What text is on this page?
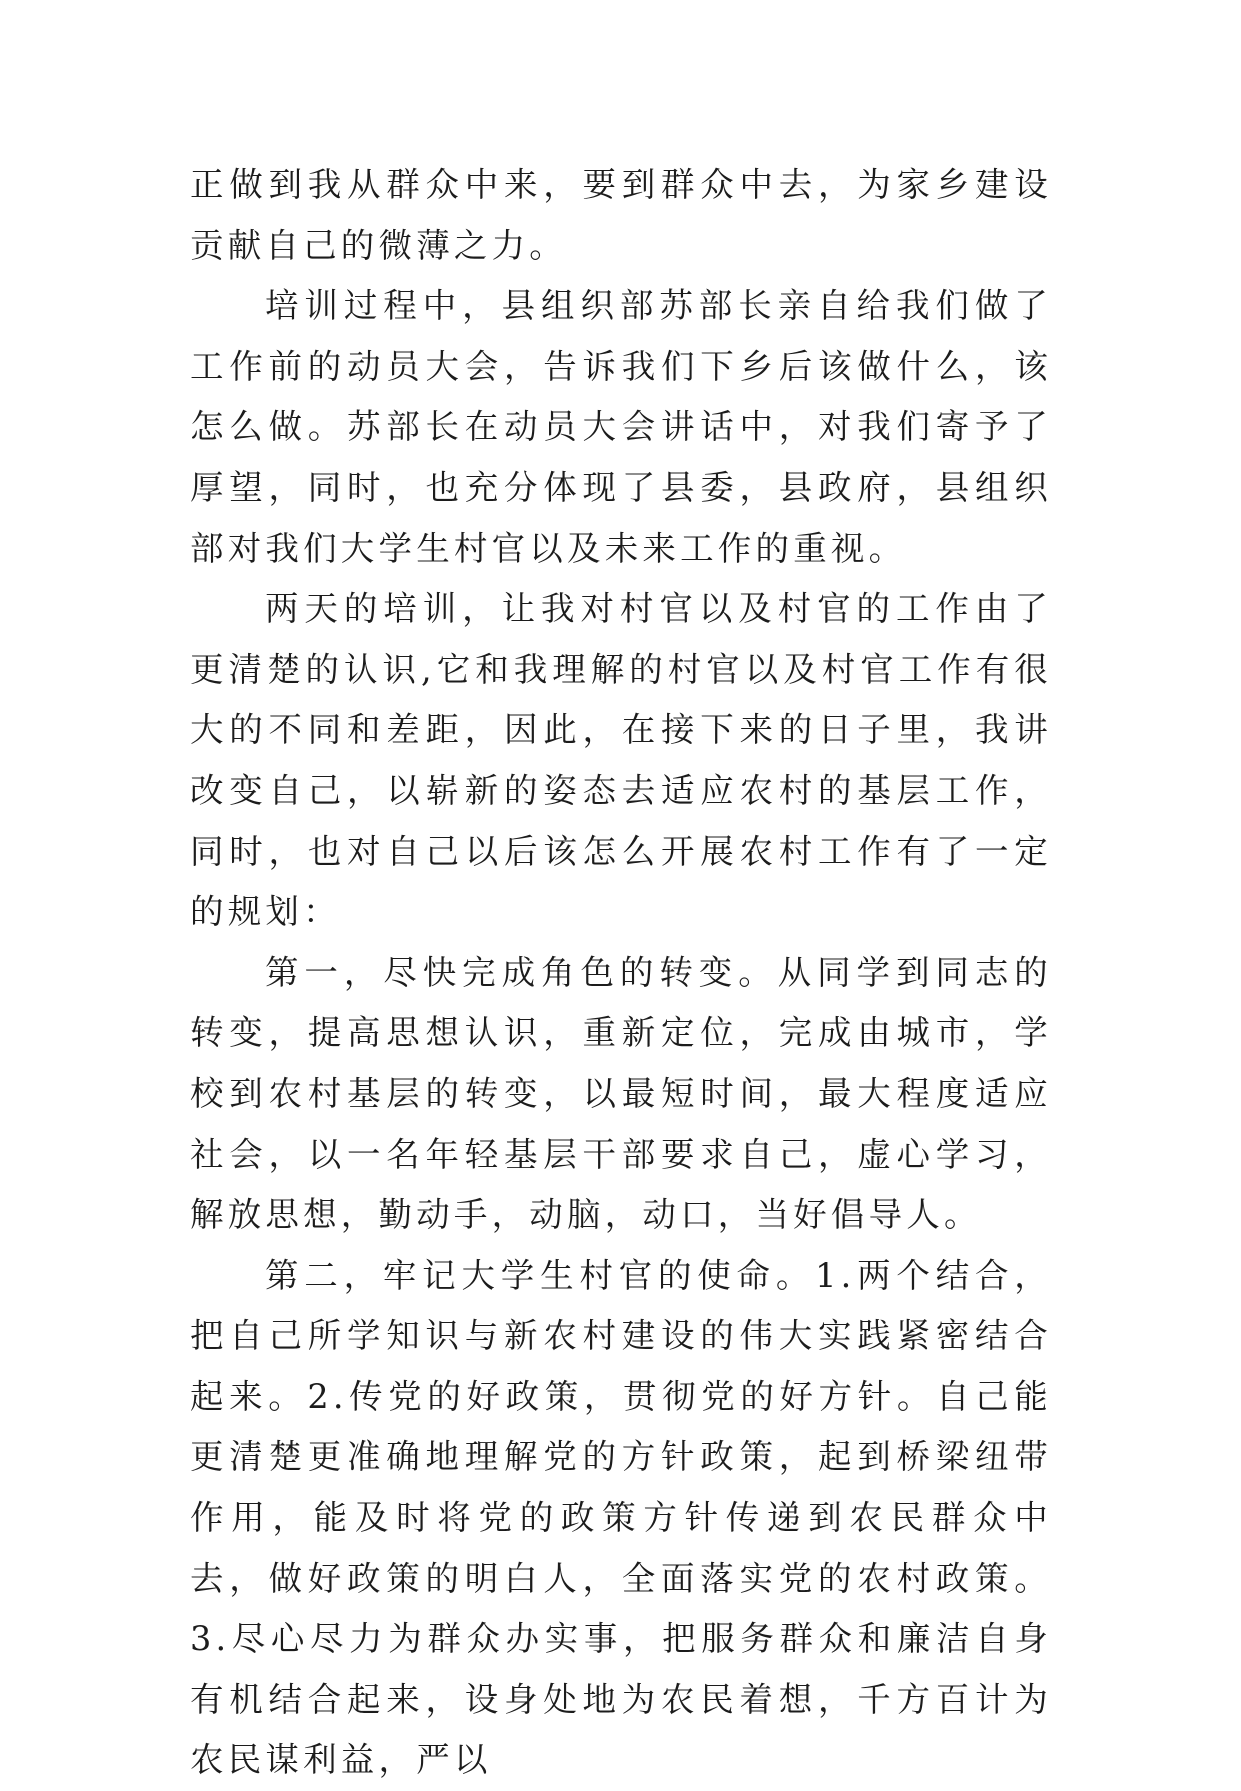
正做到我从群众中来，要到群众中去，为家乡建设贡献自己的微薄之力。

培训过程中，县组织部苏部长亲自给我们做了工作前的动员大会，告诉我们下乡后该做什么，该怎么做。苏部长在动员大会讲话中，对我们寄予了厚望，同时，也充分体现了县委，县政府，县组织部对我们大学生村官以及未来工作的重视。

两天的培训，让我对村官以及村官的工作由了更清楚的认识,它和我理解的村官以及村官工作有很大的不同和差距，因此，在接下来的日子里，我讲改变自己，以崭新的姿态去适应农村的基层工作，同时，也对自己以后该怎么开展农村工作有了一定的规划：

第一，尽快完成角色的转变。从同学到同志的转变，提高思想认识，重新定位，完成由城市，学校到农村基层的转变，以最短时间，最大程度适应社会，以一名年轻基层干部要求自己，虚心学习，解放思想，勤动手，动脑，动口，当好倡导人。

第二，牢记大学生村官的使命。1.两个结合，把自己所学知识与新农村建设的伟大实践紧密结合起来。2.传党的好政策，贯彻党的好方针。自己能更清楚更准确地理解党的方针政策，起到桥梁纽带作用，能及时将党的政策方针传递到农民群众中去，做好政策的明白人，全面落实党的农村政策。3.尽心尽力为群众办实事，把服务群众和廉洁自身有机结合起来，设身处地为农民着想，千方百计为农民谋利益，严以
